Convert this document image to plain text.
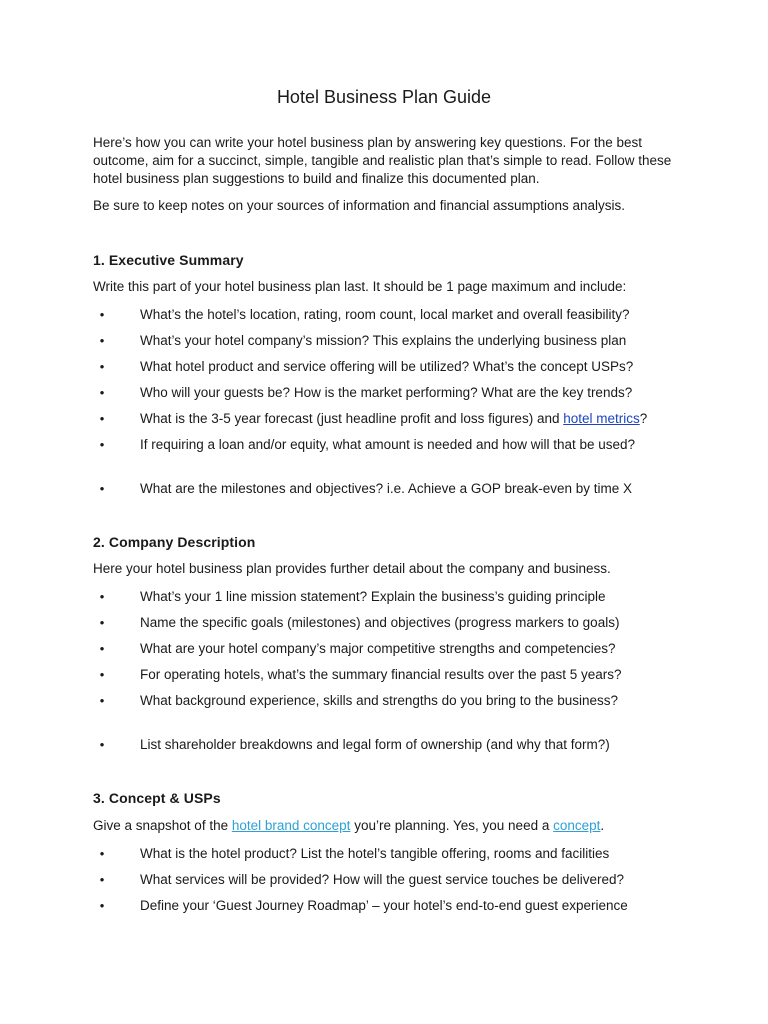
Hotel Business Plan Guide

Here’s how you can write your hotel business plan by answering key questions. For the best outcome, aim for a succinct, simple, tangible and realistic plan that’s simple to read. Follow these hotel business plan suggestions to build and finalize this documented plan.

Be sure to keep notes on your sources of information and financial assumptions analysis.

1. Executive Summary

Write this part of your hotel business plan last. It should be 1 page maximum and include:

•	What’s the hotel’s location, rating, room count, local market and overall feasibility?
•	What’s your hotel company’s mission? This explains the underlying business plan
•	What hotel product and service offering will be utilized? What’s the concept USPs?
•	Who will your guests be? How is the market performing? What are the key trends?
•	What is the 3-5 year forecast (just headline profit and loss figures) and hotel metrics?
•	If requiring a loan and/or equity, what amount is needed and how will that be used?
•	What are the milestones and objectives? i.e. Achieve a GOP break-even by time X
2. Company Description

Here your hotel business plan provides further detail about the company and business.

•	What’s your 1 line mission statement? Explain the business’s guiding principle
•	Name the specific goals (milestones) and objectives (progress markers to goals)
•	What are your hotel company’s major competitive strengths and competencies?
•	For operating hotels, what’s the summary financial results over the past 5 years?
•	What background experience, skills and strengths do you bring to the business?
•	List shareholder breakdowns and legal form of ownership (and why that form?)
3. Concept & USPs

Give a snapshot of the hotel brand concept you’re planning. Yes, you need a concept.

•	What is the hotel product? List the hotel’s tangible offering, rooms and facilities
•	What services will be provided? How will the guest service touches be delivered?
•	Define your ‘Guest Journey Roadmap’ – your hotel’s end-to-end guest experience
